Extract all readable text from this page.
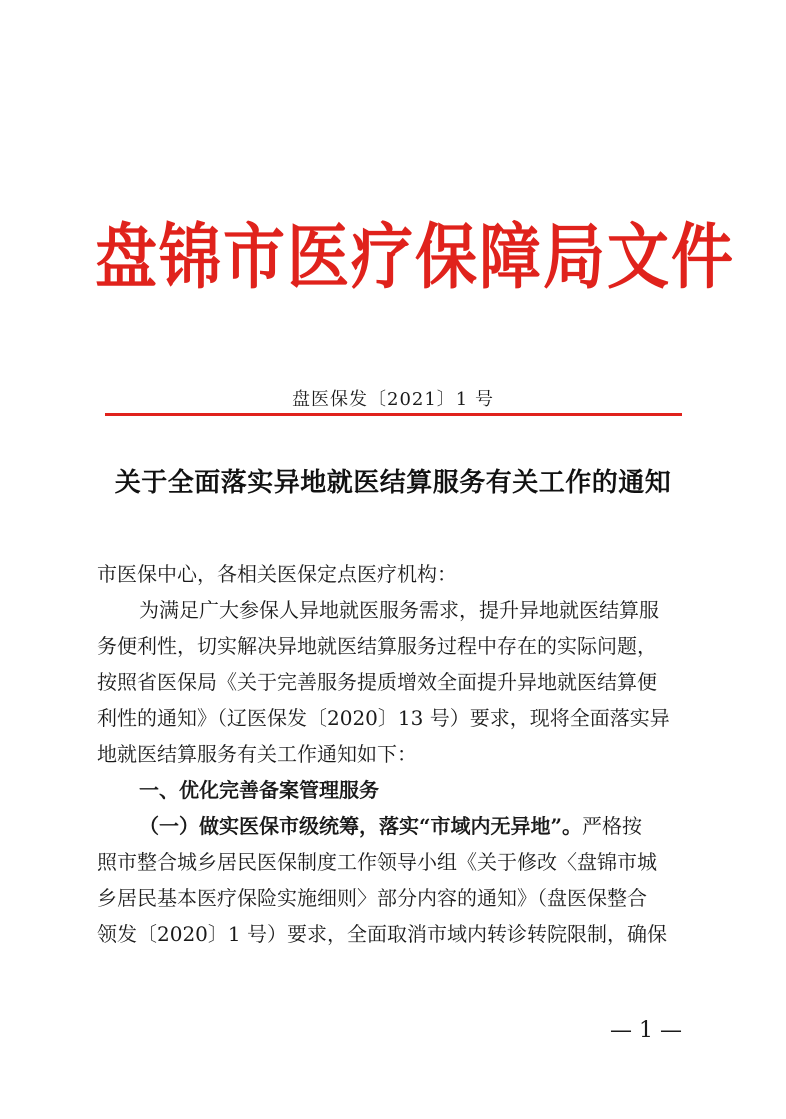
盘锦市医疗保障局文件
盘医保发〔2021〕1 号
关于全面落实异地就医结算服务有关工作的通知
市医保中心，各相关医保定点医疗机构：
为满足广大参保人异地就医服务需求，提升异地就医结算服
务便利性，切实解决异地就医结算服务过程中存在的实际问题，
按照省医保局《关于完善服务提质增效全面提升异地就医结算便
利性的通知》（辽医保发〔2020〕13 号）要求，现将全面落实异
地就医结算服务有关工作通知如下：
一、优化完善备案管理服务
（一）做实医保市级统筹，落实“市域内无异地”。严格按
照市整合城乡居民医保制度工作领导小组《关于修改〈盘锦市城
乡居民基本医疗保险实施细则〉部分内容的通知》（盘医保整合
领发〔2020〕1 号）要求，全面取消市域内转诊转院限制，确保
— 1 —
